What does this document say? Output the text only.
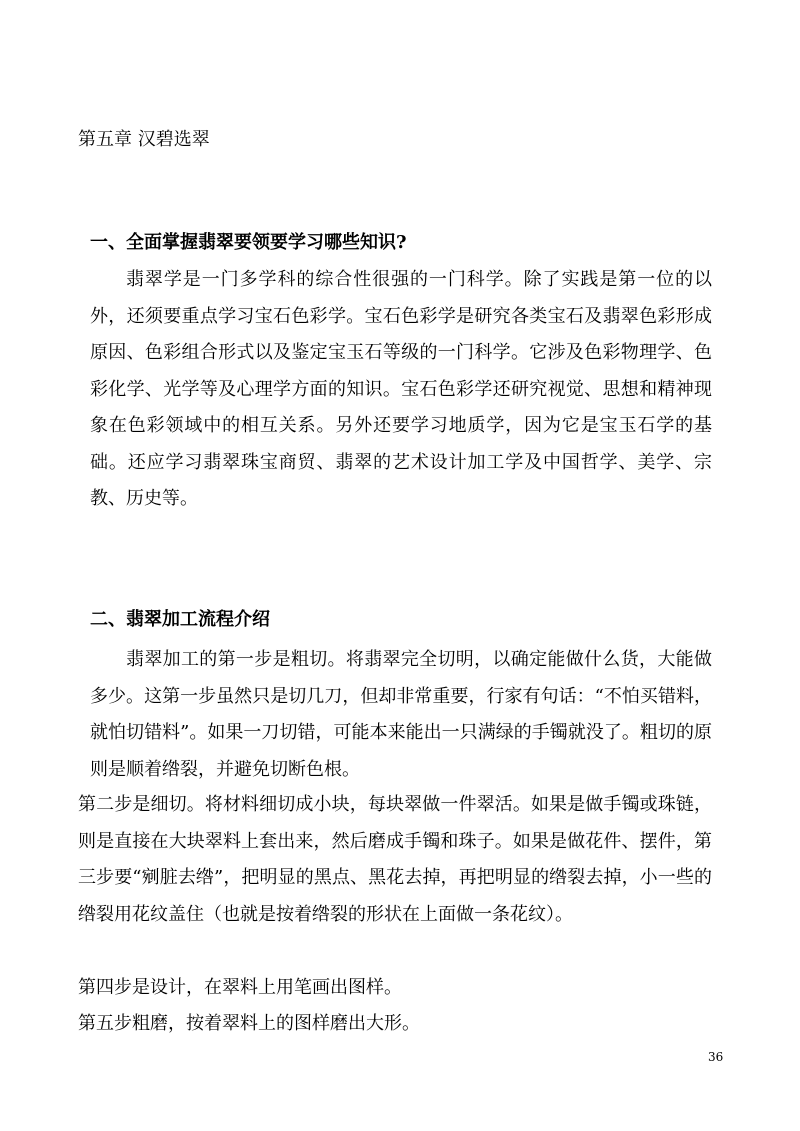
第五章 汉碧选翠
一、全面掌握翡翠要领要学习哪些知识?

翡翠学是一门多学科的综合性很强的一门科学。除了实践是第一位的以外，还须要重点学习宝石色彩学。宝石色彩学是研究各类宝石及翡翠色彩形成原因、色彩组合形式以及鉴定宝玉石等级的一门科学。它涉及色彩物理学、色彩化学、光学等及心理学方面的知识。宝石色彩学还研究视觉、思想和精神现象在色彩领域中的相互关系。另外还要学习地质学，因为它是宝玉石学的基础。还应学习翡翠珠宝商贸、翡翠的艺术设计加工学及中国哲学、美学、宗教、历史等。

二、翡翠加工流程介绍

翡翠加工的第一步是粗切。将翡翠完全切明，以确定能做什么货，大能做多少。这第一步虽然只是切几刀，但却非常重要，行家有句话：“不怕买错料，就怕切错料”。如果一刀切错，可能本来能出一只满绿的手镯就没了。粗切的原则是顺着绺裂，并避免切断色根。

第二步是细切。将材料细切成小块，每块翠做一件翠活。如果是做手镯或珠链，则是直接在大块翠料上套出来，然后磨成手镯和珠子。如果是做花件、摆件，第三步要“剜脏去绺”，把明显的黑点、黑花去掉，再把明显的绺裂去掉，小一些的绺裂用花纹盖住（也就是按着绺裂的形状在上面做一条花纹）。

第四步是设计，在翠料上用笔画出图样。

第五步粗磨，按着翠料上的图样磨出大形。

36
